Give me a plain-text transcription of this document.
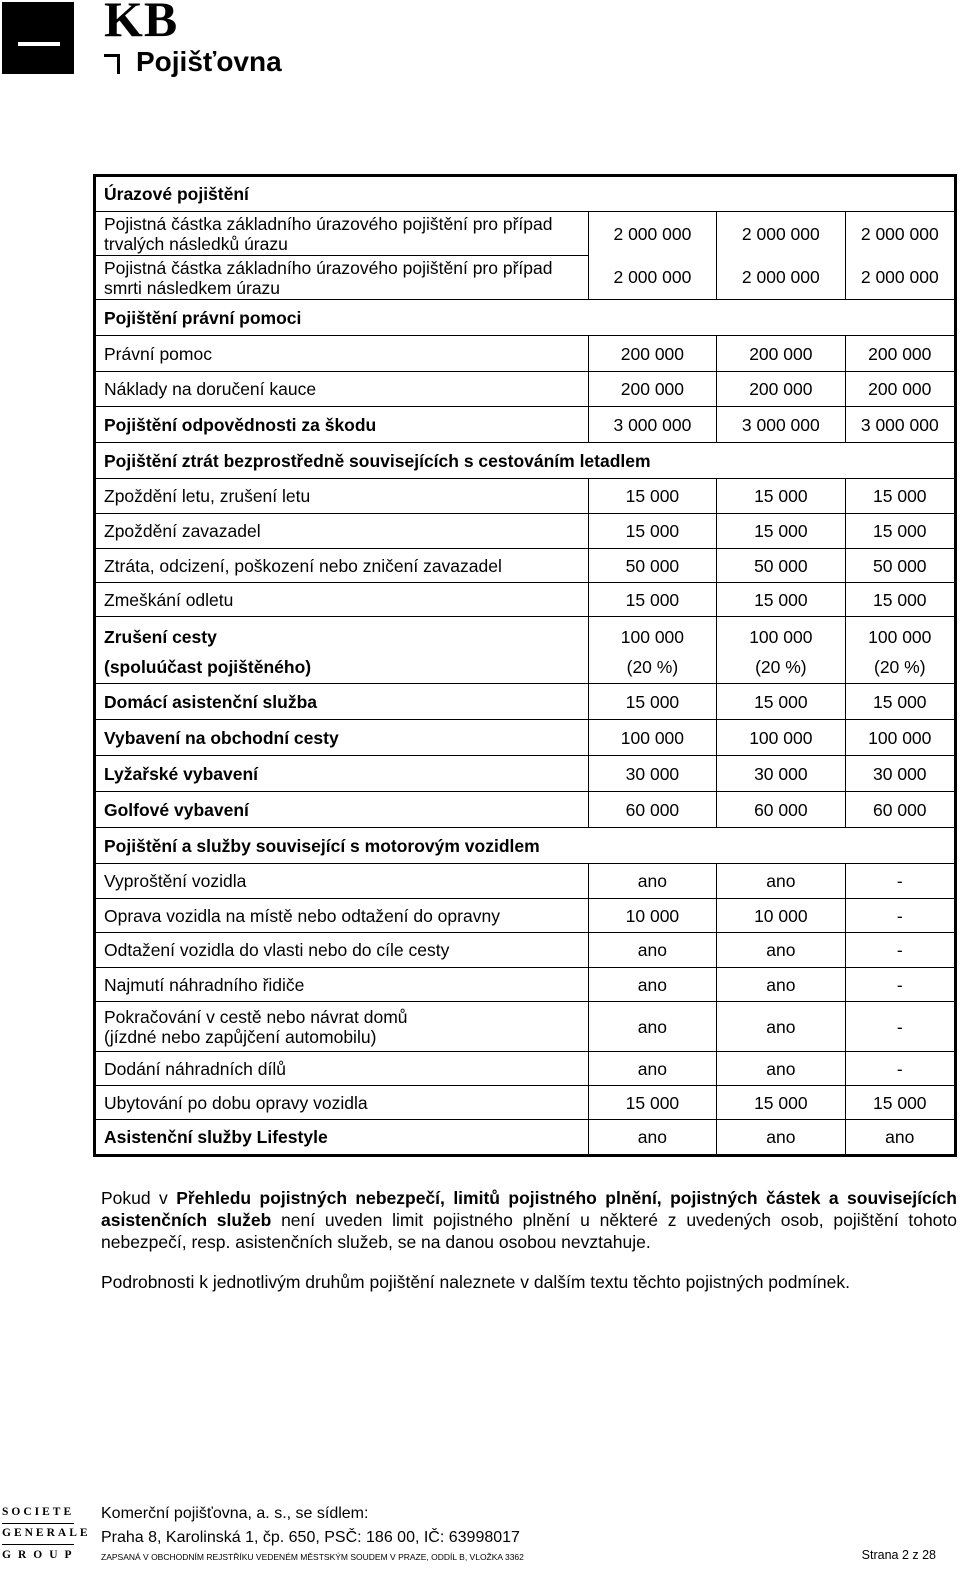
KB
Pojišťovna
Úrazové pojištění			
Pojistná částka základního úrazového pojištění pro případ trvalých následků úrazu	2 000 000	2 000 000	2 000 000
Pojistná částka základního úrazového pojištění pro případ smrti následkem úrazu	2 000 000	2 000 000	2 000 000
Pojištění právní pomoci			
Právní pomoc	200 000	200 000	200 000
Náklady na doručení kauce	200 000	200 000	200 000
Pojištění odpovědnosti za škodu	3 000 000	3 000 000	3 000 000
Pojištění ztrát bezprostředně souvisejících s cestováním letadlem			
Zpoždění letu, zrušení letu	15 000	15 000	15 000
Zpoždění zavazadel	15 000	15 000	15 000
Ztráta, odcizení, poškození nebo zničení zavazadel	50 000	50 000	50 000
Zmeškání odletu	15 000	15 000	15 000
Zrušení cesty	100 000	100 000	100 000
(spoluúčast pojištěného)	(20 %)	(20 %)	(20 %)
Domácí asistenční služba	15 000	15 000	15 000
Vybavení na obchodní cesty	100 000	100 000	100 000
Lyžařské vybavení	30 000	30 000	30 000
Golfové vybavení	60 000	60 000	60 000
Pojištění a služby související s motorovým vozidlem			
Vyproštění vozidla	ano	ano	-
Oprava vozidla na místě nebo odtažení do opravny	10 000	10 000	-
Odtažení vozidla do vlasti nebo do cíle cesty	ano	ano	-
Najmutí náhradního řidiče	ano	ano	-

Pokračování v cestě nebo návrat domů
(jízdné nebo zapůjčení automobilu)	ano	ano	-
Dodání náhradních dílů	ano	ano	-
Ubytování po dobu opravy vozidla	15 000	15 000	15 000
Asistenční služby Lifestyle	ano	ano	ano
Pokud v Přehledu pojistných nebezpečí, limitů pojistného plnění, pojistných částek a souvisejících asistenčních služeb není uveden limit pojistného plnění u některé z uvedených osob, pojištění tohoto nebezpečí, resp. asistenčních služeb, se na danou osobou nevztahuje.
Podrobnosti k jednotlivým druhům pojištění naleznete v dalším textu těchto pojistných podmínek.
SOCIETE
GENERALE
GROUP
Komerční pojišťovna, a. s., se sídlem:
Praha 8, Karolinská 1, čp. 650, PSČ: 186 00, IČ: 63998017
ZAPSANÁ V OBCHODNÍM REJSTŘÍKU VEDENÉM MĚSTSKÝM SOUDEM V PRAZE, ODDÍL B, VLOŽKA 3362	Strana 2 z 28
